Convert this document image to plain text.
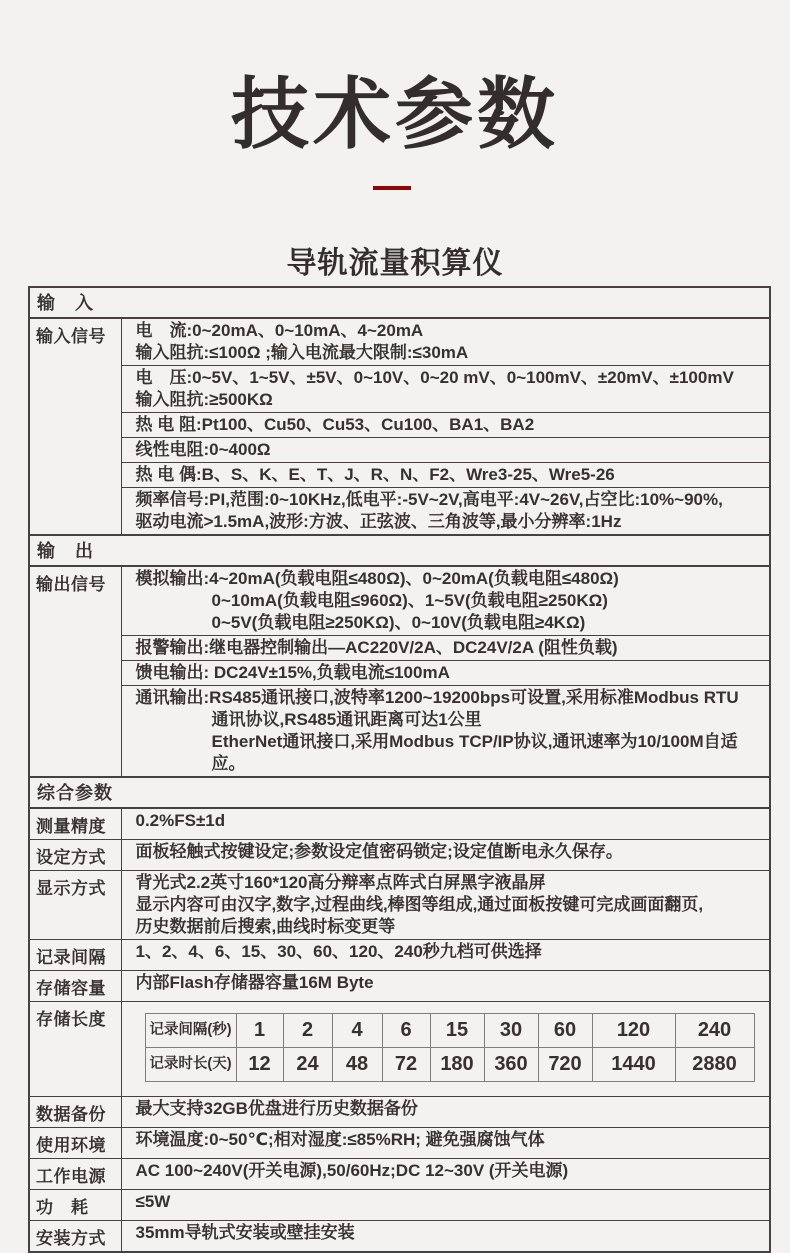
技术参数
导轨流量积算仪
输　入
输入信号	电　流:0~20mA、0~10mA、4~20mA
输入阻抗:≤100Ω ;输入电流最大限制:≤30mA

电　压:0~5V、1~5V、±5V、0~10V、0~20 mV、0~100mV、±20mV、±100mV
输入阻抗:≥500KΩ

热 电 阻:Pt100、Cu50、Cu53、Cu100、BA1、BA2

线性电阻:0~400Ω

热 电 偶:B、S、K、E、T、J、R、N、F2、Wre3-25、Wre5-26

频率信号:PI,范围:0~10KHz,低电平:-5V~2V,高电平:4V~26V,占空比:10%~90%,
驱动电流>1.5mA,波形:方波、正弦波、三角波等,最小分辨率:1Hz

输　出
输出信号	模拟输出:4~20mA(负载电阻≤480Ω)、0~20mA(负载电阻≤480Ω)
0~10mA(负载电阻≤960Ω)、1~5V(负载电阻≥250KΩ)
0~5V(负载电阻≥250KΩ)、0~10V(负载电阻≥4KΩ)

报警输出:继电器控制输出—AC220V/2A、DC24V/2A (阻性负载)

馈电输出: DC24V±15%,负载电流≤100mA

通讯输出:RS485通讯接口,波特率1200~19200bps可设置,采用标准Modbus RTU
通讯协议,RS485通讯距离可达1公里
EtherNet通讯接口,采用Modbus TCP/IP协议,通讯速率为10/100M自适应。

综合参数
测量精度	0.2%FS±1d

设定方式	面板轻触式按键设定;参数设定值密码锁定;设定值断电永久保存。

显示方式	背光式2.2英寸160*120高分辩率点阵式白屏黑字液晶屏
显示内容可由汉字,数字,过程曲线,棒图等组成,通过面板按键可完成画面翻页,
历史数据前后搜索,曲线时标变更等

记录间隔	1、2、4、6、15、30、60、120、240秒九档可供选择

存储容量	内部Flash存储器容量16M Byte

存储长度	
记录间隔(秒)	1	2	4	6	15	30	60	120	240
记录时长(天)	12	24	48	72	180	360	720	1440	2880

数据备份	最大支持32GB优盘进行历史数据备份

使用环境	环境温度:0~50℃;相对湿度:≤85%RH; 避免强腐蚀气体

工作电源	AC 100~240V(开关电源),50/60Hz;DC 12~30V (开关电源)

功　耗	≤5W

安装方式	35mm导轨式安装或壁挂安装
